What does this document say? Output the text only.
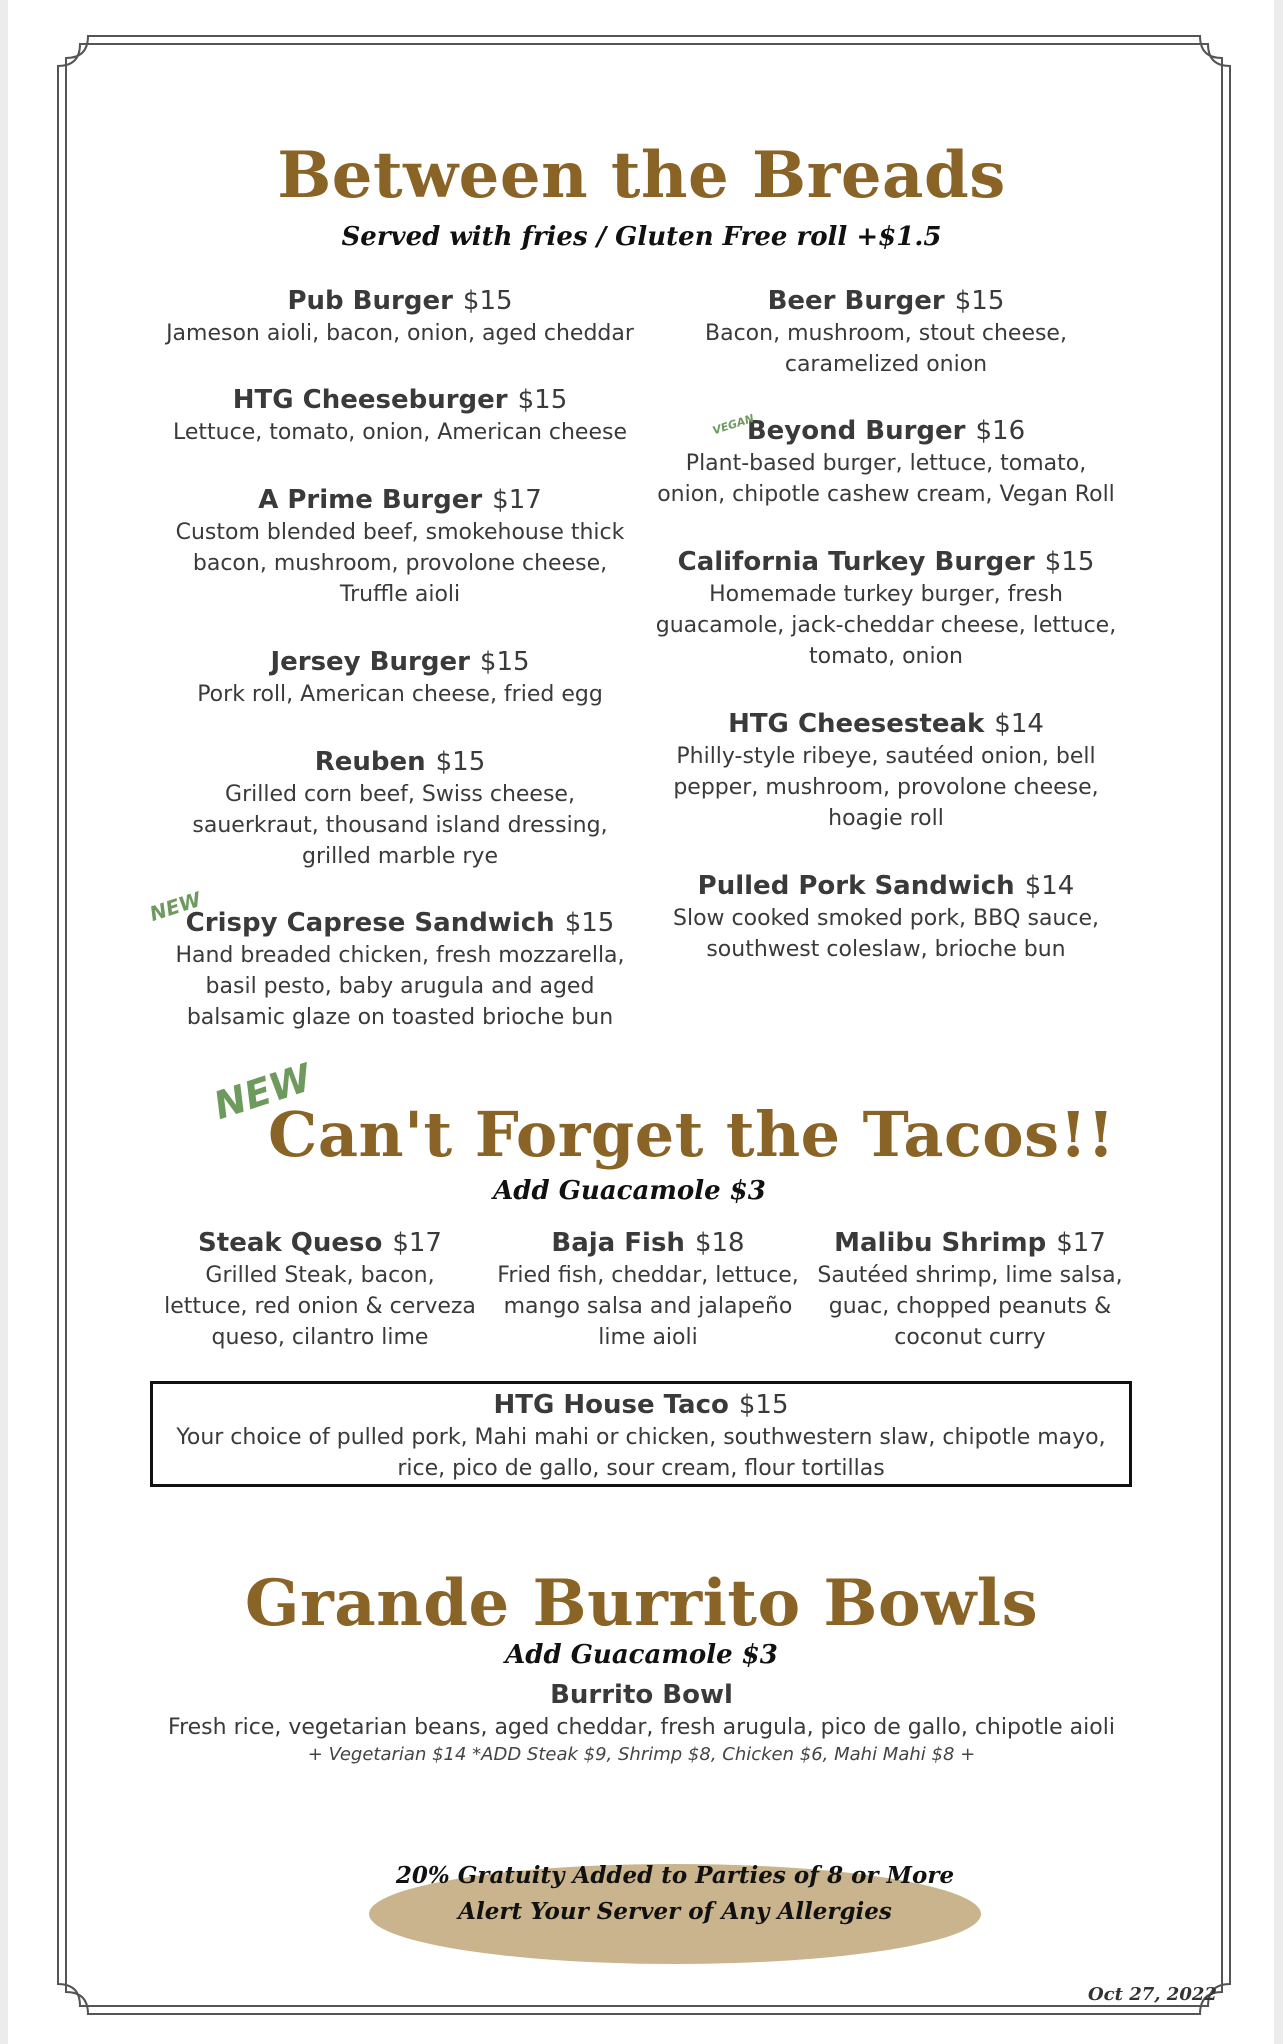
Between the Breads
Served with fries / Gluten Free roll +$1.5
Pub Burger $15
Jameson aioli, bacon, onion, aged cheddar
HTG Cheeseburger $15
Lettuce, tomato, onion, American cheese
A Prime Burger $17
Custom blended beef, smokehouse thick
bacon, mushroom, provolone cheese,
Truffle aioli
Jersey Burger $15
Pork roll, American cheese, fried egg
Reuben $15
Grilled corn beef, Swiss cheese,
sauerkraut, thousand island dressing,
grilled marble rye
Crispy Caprese Sandwich $15
Hand breaded chicken, fresh mozzarella,
basil pesto, baby arugula and aged
balsamic glaze on toasted brioche bun
Beer Burger $15
Bacon, mushroom, stout cheese,
caramelized onion
Beyond Burger $16
Plant-based burger, lettuce, tomato,
onion, chipotle cashew cream, Vegan Roll
California Turkey Burger $15
Homemade turkey burger, fresh
guacamole, jack-cheddar cheese, lettuce,
tomato, onion
HTG Cheesesteak $14
Philly-style ribeye, sautéed onion, bell
pepper, mushroom, provolone cheese,
hoagie roll
Pulled Pork Sandwich $14
Slow cooked smoked pork, BBQ sauce,
southwest coleslaw, brioche bun
NEW
Can't Forget the Tacos!!
Add Guacamole $3
Steak Queso $17
Grilled Steak, bacon,
lettuce, red onion & cerveza
queso, cilantro lime
Baja Fish $18
Fried fish, cheddar, lettuce,
mango salsa and jalapeño
lime aioli
Malibu Shrimp $17
Sautéed shrimp, lime salsa,
guac, chopped peanuts &
coconut curry
HTG House Taco $15
Your choice of pulled pork, Mahi mahi or chicken, southwestern slaw, chipotle mayo,
rice, pico de gallo, sour cream, flour tortillas
Grande Burrito Bowls
Add Guacamole $3
Burrito Bowl
Fresh rice, vegetarian beans, aged cheddar, fresh arugula, pico de gallo, chipotle aioli
+ Vegetarian $14 *ADD Steak $9, Shrimp $8, Chicken $6, Mahi Mahi $8 +
20% Gratuity Added to Parties of 8 or More
Alert Your Server of Any Allergies
Oct 27, 2022
NEW
VEGAN
